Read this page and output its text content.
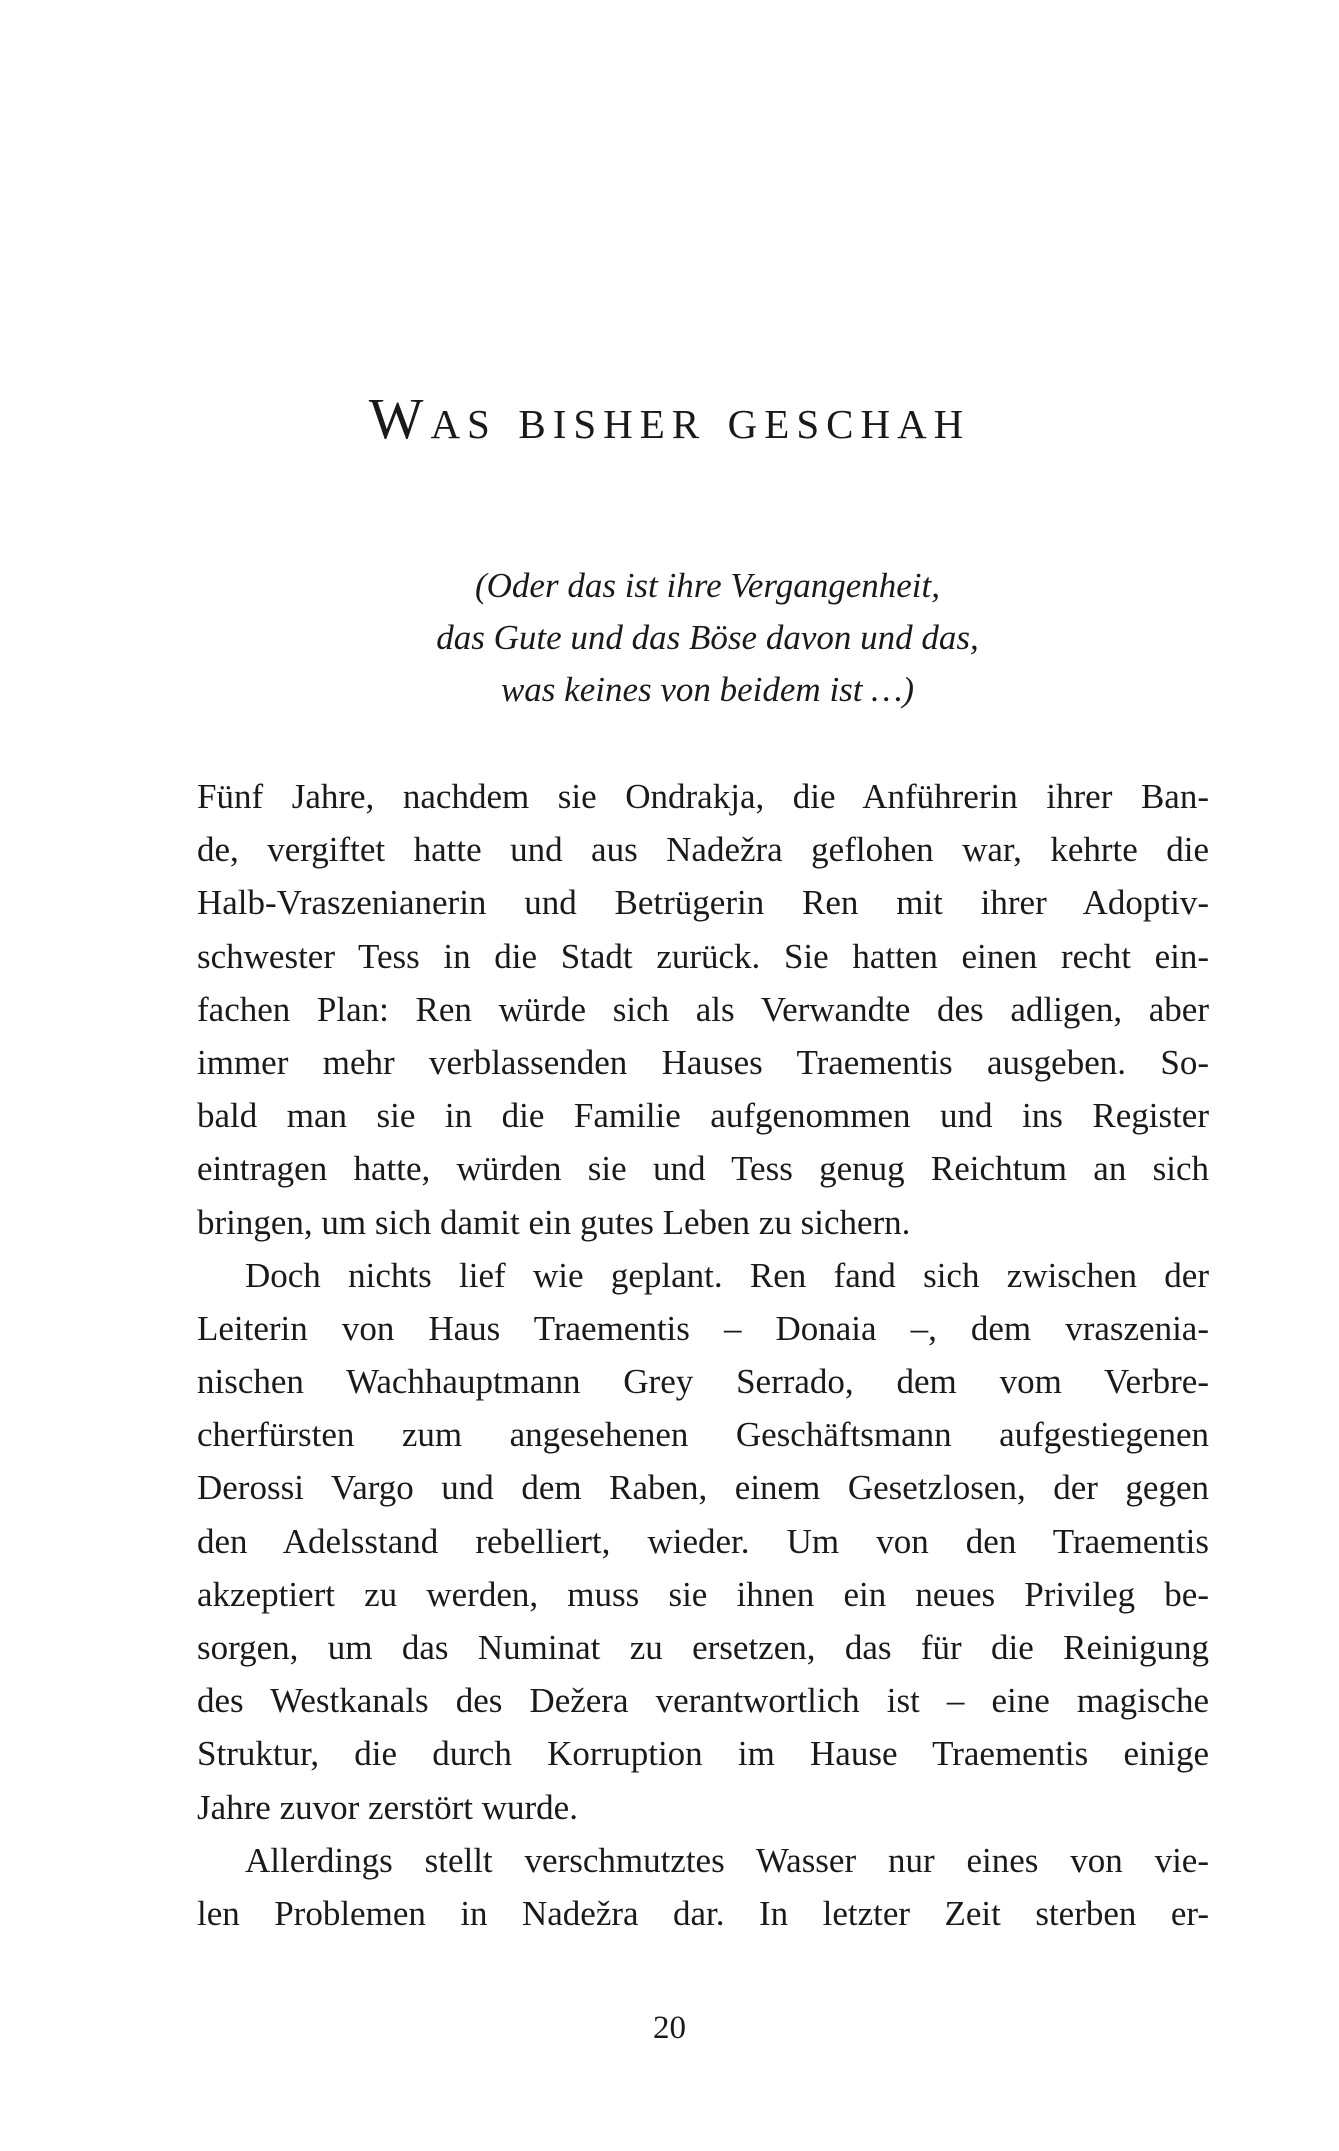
Was bisher geschah
(Oder das ist ihre Vergangenheit,
das Gute und das Böse davon und das,
was keines von beidem ist …)
Fünf Jahre, nachdem sie Ondrakja, die Anführerin ihrer Ban-
de, vergiftet hatte und aus Nadežra geflohen war, kehrte die
Halb-Vraszenianerin und Betrügerin Ren mit ihrer Adoptiv-
schwester Tess in die Stadt zurück. Sie hatten einen recht ein-
fachen Plan: Ren würde sich als Verwandte des adligen, aber
immer mehr verblassenden Hauses Traementis ausgeben. So-
bald man sie in die Familie aufgenommen und ins Register
eintragen hatte, würden sie und Tess genug Reichtum an sich
bringen, um sich damit ein gutes Leben zu sichern.
Doch nichts lief wie geplant. Ren fand sich zwischen der
Leiterin von Haus Traementis – Donaia –, dem vraszenia-
nischen Wachhauptmann Grey Serrado, dem vom Verbre-
cherfürsten zum angesehenen Geschäftsmann aufgestiegenen
Derossi Vargo und dem Raben, einem Gesetzlosen, der gegen
den Adelsstand rebelliert, wieder. Um von den Traementis
akzeptiert zu werden, muss sie ihnen ein neues Privileg be-
sorgen, um das Numinat zu ersetzen, das für die Reinigung
des Westkanals des Dežera verantwortlich ist – eine magische
Struktur, die durch Korruption im Hause Traementis einige
Jahre zuvor zerstört wurde.
Allerdings stellt verschmutztes Wasser nur eines von vie-
len Problemen in Nadežra dar. In letzter Zeit sterben er-
20
